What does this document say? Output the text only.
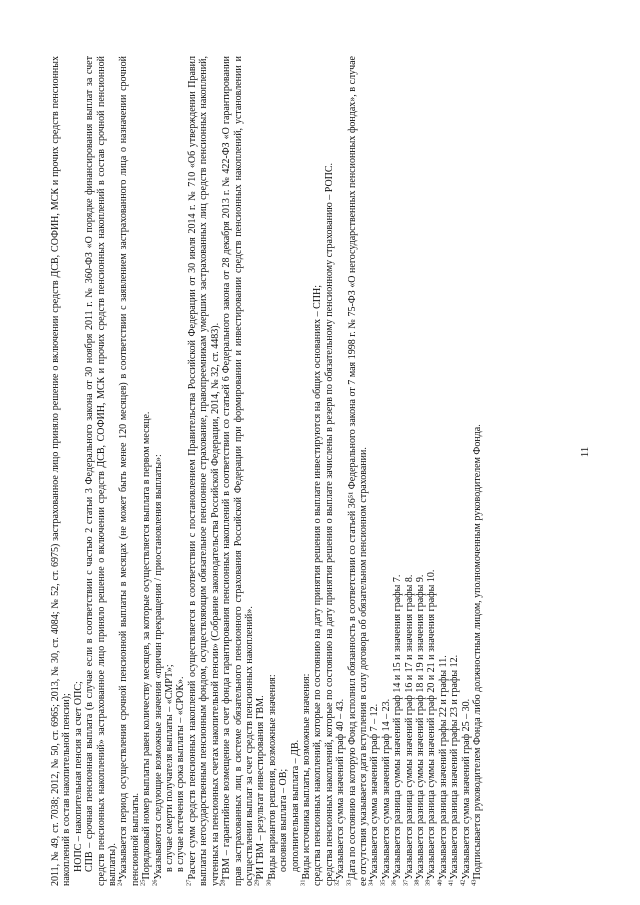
11

2011, № 49, ст. 7038; 2012, № 50, ст. 6965; 2013, № 30, ст. 4084; № 52, ст. 6975) застрахованное лицо приняло решение о включении средств ДСВ, СОФИН, МСК и прочих средств пенсионных накоплений в состав накопительной пенсии); НОПС – накопительная пенсия за счет ОПС; СПВ – срочная пенсионная выплата (в случае если в соответствии с частью 2 статьи 3 Федерального закона от 30 ноября 2011 г. № 360-ФЗ «О порядке финансирования выплат за счет средств пенсионных накоплений» застрахованное лицо приняло решение о включении средств ДСВ, СОФИН, МСК и прочих средств пенсионных накоплений в состав срочной пенсионной выплаты). $^{24}$Указывается период осуществления срочной пенсионной выплаты в месяцах (не может быть менее 120 месяцев) в соответствии с заявлением застрахованного лица о назначении срочной пенсионной выплаты. $^{25}$Порядковый номер выплаты равен количеству месяцев, за которые осуществляется выплата в первом месяце.

$^{26}$Указываются следующие возможные значения «причин прекращения / приостановления выплаты»: в случае смерти получателя выплаты – «СМРТ»; в случае истечения срока выплаты – «СРОК».

$^{27}$Расчет сумм средств пенсионных накоплений осуществляется в соответствии с постановлением Правительства Российской Федерации от 30 июля 2014 г. № 710 «Об утверждении Правил выплаты негосударственным пенсионным фондом, осуществляющим обязательное пенсионное страхование, правопреемникам умерших застрахованных лиц средств пенсионных накоплений, учтенных на пенсионных счетах накопительной пенсии» (Собрание законодательства Российской Федерации, 2014, № 32, ст. 4483). $^{28}$ГВМ – гарантийное возмещение за счет фонда гарантирования пенсионных накоплений в соответствии со статьей 6 Федерального закона от 28 декабря 2013 г. № 422-ФЗ «О гарантировании прав застрахованных лиц в системе обязательного пенсионного страхования Российской Федерации при формировании и инвестировании средств пенсионных накоплений, установлении и осуществлении выплат за счет средств пенсионных накоплений». $^{29}$РИ ГВМ – результат инвестирования ГВМ.

$^{30}$Виды вариантов решения, возможные значения: основная выплата – ОВ; дополнительная выплата – ДВ.

$^{31}$Виды источника выплаты, возможные значения: средства пенсионных накоплений, которые по состоянию на дату принятия решения о выплате инвестируются на общих основаниях – СПН; средства пенсионных накоплений, которые по состоянию на дату принятия решения о выплате зачислены в резерв по обязательному пенсионному страхованию – РОПС. $^{32}$Указывается сумма значений граф 40 – 43.

$^{33}$Дата по состоянию на которую Фонд исполнил обязанность в соответствии со статьей 36⁵¹ Федерального закона от 7 мая 1998 г. № 75-ФЗ «О негосударственных пенсионных фондах», в случае ее отсутствия указывается дата вступления в силу договора об обязательном пенсионном страховании. $^{34}$Указывается сумма значений граф 7 – 12.

$^{35}$Указывается сумма значений граф 14 – 23.

$^{36}$Указывается разница суммы значений граф 14 и 15 и значения графы 7.

$^{37}$Указывается разница суммы значений граф 16 и 17 и значения графы 8.

$^{38}$Указывается разница суммы значений граф 18 и 19 и значения графы 9.

$^{39}$Указывается разница суммы значений граф 20 и 21 и значения графы 10.

$^{40}$Указывается разница значений графы 22 и графы 11.

$^{41}$Указывается разница значений графы 23 и графы 12.

$^{42}$Указывается сумма значений граф 25 – 30.

$^{43}$Подписывается руководителем Фонда либо должностным лицом, уполномоченным руководителем Фонда.
